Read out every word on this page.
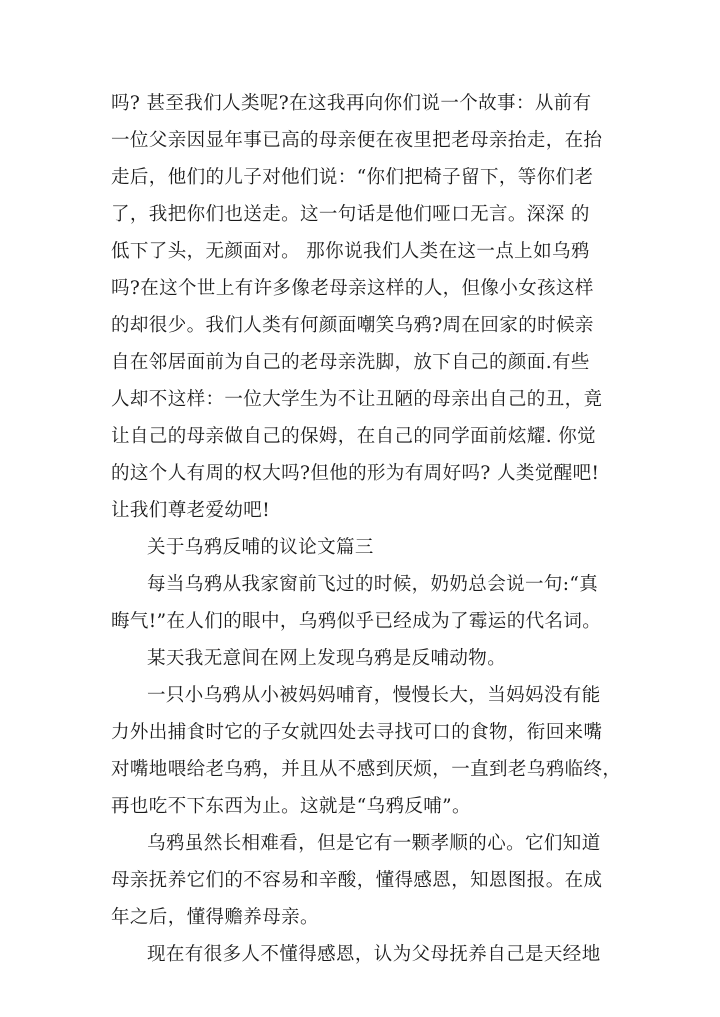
吗? 甚至我们人类呢?在这我再向你们说一个故事：从前有
一位父亲因显年事已高的母亲便在夜里把老母亲抬走，在抬
走后，他们的儿子对他们说：“你们把椅子留下，等你们老
了，我把你们也送走。这一句话是他们哑口无言。深深 的
低下了头，无颜面对。 那你说我们人类在这一点上如乌鸦
吗?在这个世上有许多像老母亲这样的人，但像小女孩这样
的却很少。我们人类有何颜面嘲笑乌鸦?周在回家的时候亲
自在邻居面前为自己的老母亲洗脚，放下自己的颜面.有些
人却不这样：一位大学生为不让丑陋的母亲出自己的丑，竟
让自己的母亲做自己的保姆，在自己的同学面前炫耀. 你觉
的这个人有周的权大吗?但他的形为有周好吗? 人类觉醒吧!
让我们尊老爱幼吧!
关于乌鸦反哺的议论文篇三
每当乌鸦从我家窗前飞过的时候，奶奶总会说一句:“真
晦气!”在人们的眼中，乌鸦似乎已经成为了霉运的代名词。
某天我无意间在网上发现乌鸦是反哺动物。
一只小乌鸦从小被妈妈哺育，慢慢长大，当妈妈没有能
力外出捕食时它的子女就四处去寻找可口的食物，衔回来嘴
对嘴地喂给老乌鸦，并且从不感到厌烦，一直到老乌鸦临终，
再也吃不下东西为止。这就是“乌鸦反哺”。
乌鸦虽然长相难看，但是它有一颗孝顺的心。它们知道
母亲抚养它们的不容易和辛酸，懂得感恩，知恩图报。在成
年之后，懂得赡养母亲。
现在有很多人不懂得感恩，认为父母抚养自己是天经地
